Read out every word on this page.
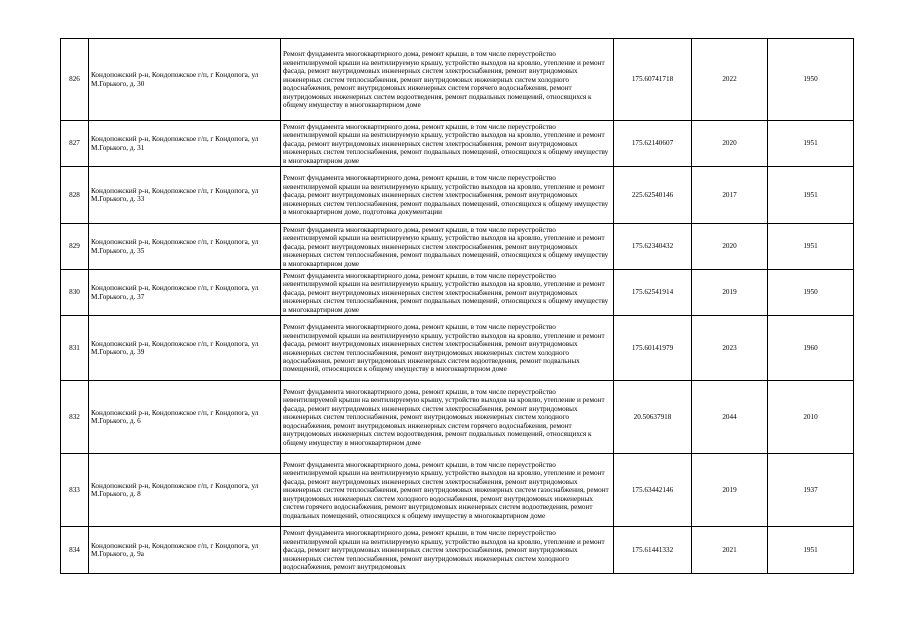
826	Кондопожский р-н, Кондопожское г/п, г Кондопога, ул М.Горького, д. 30	Ремонт фундамента многоквартирного дома, ремонт крыши, в том числе переустройство невентилируемой крыши на вентилируемую крышу, устройство выходов на кровлю, утепление и ремонт фасада, ремонт внутридомовых инженерных систем электроснабжения, ремонт внутридомовых инженерных систем теплоснабжения, ремонт внутридомовых инженерных систем холодного водоснабжения, ремонт внутридомовых инженерных систем горячего водоснабжения, ремонт внутридомовых инженерных систем водоотведения, ремонт подвальных помещений, относящихся к общему имуществу в многоквартирном доме	175.60741718	2022	1950
827	Кондопожский р-н, Кондопожское г/п, г Кондопога, ул М.Горького, д. 31	Ремонт фундамента многоквартирного дома, ремонт крыши, в том числе переустройство невентилируемой крыши на вентилируемую крышу, устройство выходов на кровлю, утепление и ремонт фасада, ремонт внутридомовых инженерных систем электроснабжения, ремонт внутридомовых инженерных систем теплоснабжения, ремонт подвальных помещений, относящихся к общему имуществу в многоквартирном доме	175.62140607	2020	1951
828	Кондопожский р-н, Кондопожское г/п, г Кондопога, ул М.Горького, д. 33	Ремонт фундамента многоквартирного дома, ремонт крыши, в том числе переустройство невентилируемой крыши на вентилируемую крышу, устройство выходов на кровлю, утепление и ремонт фасада, ремонт внутридомовых инженерных систем электроснабжения, ремонт внутридомовых инженерных систем теплоснабжения, ремонт подвальных помещений, относящихся к общему имуществу в многоквартирном доме, подготовка документации	225.62540146	2017	1951
829	Кондопожский р-н, Кондопожское г/п, г Кондопога, ул М.Горького, д. 35	Ремонт фундамента многоквартирного дома, ремонт крыши, в том числе переустройство невентилируемой крыши на вентилируемую крышу, устройство выходов на кровлю, утепление и ремонт фасада, ремонт внутридомовых инженерных систем электроснабжения, ремонт внутридомовых инженерных систем теплоснабжения, ремонт подвальных помещений, относящихся к общему имуществу в многоквартирном доме	175.62340432	2020	1951
830	Кондопожский р-н, Кондопожское г/п, г Кондопога, ул М.Горького, д. 37	Ремонт фундамента многоквартирного дома, ремонт крыши, в том числе переустройство невентилируемой крыши на вентилируемую крышу, устройство выходов на кровлю, утепление и ремонт фасада, ремонт внутридомовых инженерных систем электроснабжения, ремонт внутридомовых инженерных систем теплоснабжения, ремонт подвальных помещений, относящихся к общему имуществу в многоквартирном доме	175.62541914	2019	1950
831	Кондопожский р-н, Кондопожское г/п, г Кондопога, ул М.Горького, д. 39	Ремонт фундамента многоквартирного дома, ремонт крыши, в том числе переустройство невентилируемой крыши на вентилируемую крышу, устройство выходов на кровлю, утепление и ремонт фасада, ремонт внутридомовых инженерных систем электроснабжения, ремонт внутридомовых инженерных систем теплоснабжения, ремонт внутридомовых инженерных систем холодного водоснабжения, ремонт внутридомовых инженерных систем водоотведения, ремонт подвальных помещений, относящихся к общему имуществу в многоквартирном доме	175.60141979	2023	1960
832	Кондопожский р-н, Кондопожское г/п, г Кондопога, ул М.Горького, д. 6	Ремонт фундамента многоквартирного дома, ремонт крыши, в том числе переустройство невентилируемой крыши на вентилируемую крышу, устройство выходов на кровлю, утепление и ремонт фасада, ремонт внутридомовых инженерных систем электроснабжения, ремонт внутридомовых инженерных систем теплоснабжения, ремонт внутридомовых инженерных систем холодного водоснабжения, ремонт внутридомовых инженерных систем горячего водоснабжения, ремонт внутридомовых инженерных систем водоотведения, ремонт подвальных помещений, относящихся к общему имуществу в многоквартирном доме	20.50637918	2044	2010
833	Кондопожский р-н, Кондопожское г/п, г Кондопога, ул М.Горького, д. 8	Ремонт фундамента многоквартирного дома, ремонт крыши, в том числе переустройство невентилируемой крыши на вентилируемую крышу, устройство выходов на кровлю, утепление и ремонт фасада, ремонт внутридомовых инженерных систем электроснабжения, ремонт внутридомовых инженерных систем теплоснабжения, ремонт внутридомовых инженерных систем газоснабжения, ремонт внутридомовых инженерных систем холодного водоснабжения, ремонт внутридомовых инженерных систем горячего водоснабжения, ремонт внутридомовых инженерных систем водоотведения, ремонт подвальных помещений, относящихся к общему имуществу в многоквартирном доме	175.63442146	2019	1937
834	Кондопожский р-н, Кондопожское г/п, г Кондопога, ул М.Горького, д. 9а	Ремонт фундамента многоквартирного дома, ремонт крыши, в том числе переустройство невентилируемой крыши на вентилируемую крышу, устройство выходов на кровлю, утепление и ремонт фасада, ремонт внутридомовых инженерных систем электроснабжения, ремонт внутридомовых инженерных систем теплоснабжения, ремонт внутридомовых инженерных систем холодного водоснабжения, ремонт внутридомовых	175.61441332	2021	1951
